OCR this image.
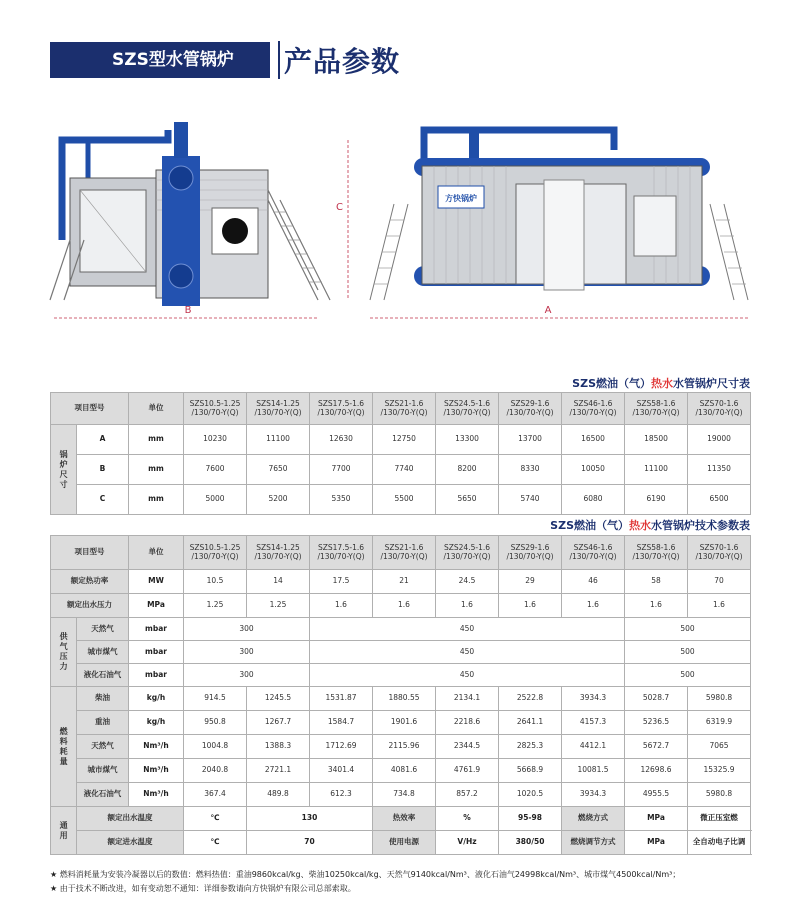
SZS型水管锅炉	产品参数
B
C
方快锅炉
A
SZS燃油（气）热水水管锅炉尺寸表
项目型号		单位	SZS10.5-1.25
/130/70-Y(Q)	SZS14-1.25
/130/70-Y(Q)	SZS17.5-1.6
/130/70-Y(Q)	SZS21-1.6
/130/70-Y(Q)	SZS24.5-1.6
/130/70-Y(Q)	SZS29-1.6
/130/70-Y(Q)	SZS46-1.6
/130/70-Y(Q)	SZS58-1.6
/130/70-Y(Q)	SZS70-1.6
/130/70-Y(Q)
锅炉尺寸	A	mm	10230	11100	12630	12750	13300	13700	16500	18500	19000
	B	mm	7600	7650	7700	7740	8200	8330	10050	11100	11350
	C	mm	5000	5200	5350	5500	5650	5740	6080	6190	6500
SZS燃油（气）热水水管锅炉技术参数表
项目型号		单位	SZS10.5-1.25
/130/70-Y(Q)	SZS14-1.25
/130/70-Y(Q)	SZS17.5-1.6
/130/70-Y(Q)	SZS21-1.6
/130/70-Y(Q)	SZS24.5-1.6
/130/70-Y(Q)	SZS29-1.6
/130/70-Y(Q)	SZS46-1.6
/130/70-Y(Q)	SZS58-1.6
/130/70-Y(Q)	SZS70-1.6
/130/70-Y(Q)
额定热功率		MW	10.5	14	17.5	21	24.5	29	46	58	70
额定出水压力		MPa	1.25	1.25	1.6	1.6	1.6	1.6	1.6	1.6	1.6
供气压力	天然气	mbar	300		450					500	
	城市煤气	mbar	300		450					500	
	液化石油气	mbar	300		450					500	
燃料耗量	柴油	kg/h	914.5	1245.5	1531.87	1880.55	2134.1	2522.8	3934.3	5028.7	5980.8
	重油	kg/h	950.8	1267.7	1584.7	1901.6	2218.6	2641.1	4157.3	5236.5	6319.9
	天然气	Nm³/h	1004.8	1388.3	1712.69	2115.96	2344.5	2825.3	4412.1	5672.7	7065
	城市煤气	Nm³/h	2040.8	2721.1	3401.4	4081.6	4761.9	5668.9	10081.5	12698.6	15325.9
	液化石油气	Nm³/h	367.4	489.8	612.3	734.8	857.2	1020.5	3934.3	4955.5	5980.8
通用	额定出水温度		℃	130		热效率	%	95-98	燃烧方式	MPa	微正压室燃
	额定进水温度		℃	70		使用电源	V/Hz	380/50	燃烧调节方式	MPa	全自动电子比调
★ 燃料消耗量为安装冷凝器以后的数值：燃料热值：重油9860kcal/kg、柴油10250kcal/kg、天然气9140kcal/Nm³、液化石油气24998kcal/Nm³、城市煤气4500kcal/Nm³；
★ 由于技术不断改进，如有变动恕不通知：详细参数请向方快锅炉有限公司总部索取。
